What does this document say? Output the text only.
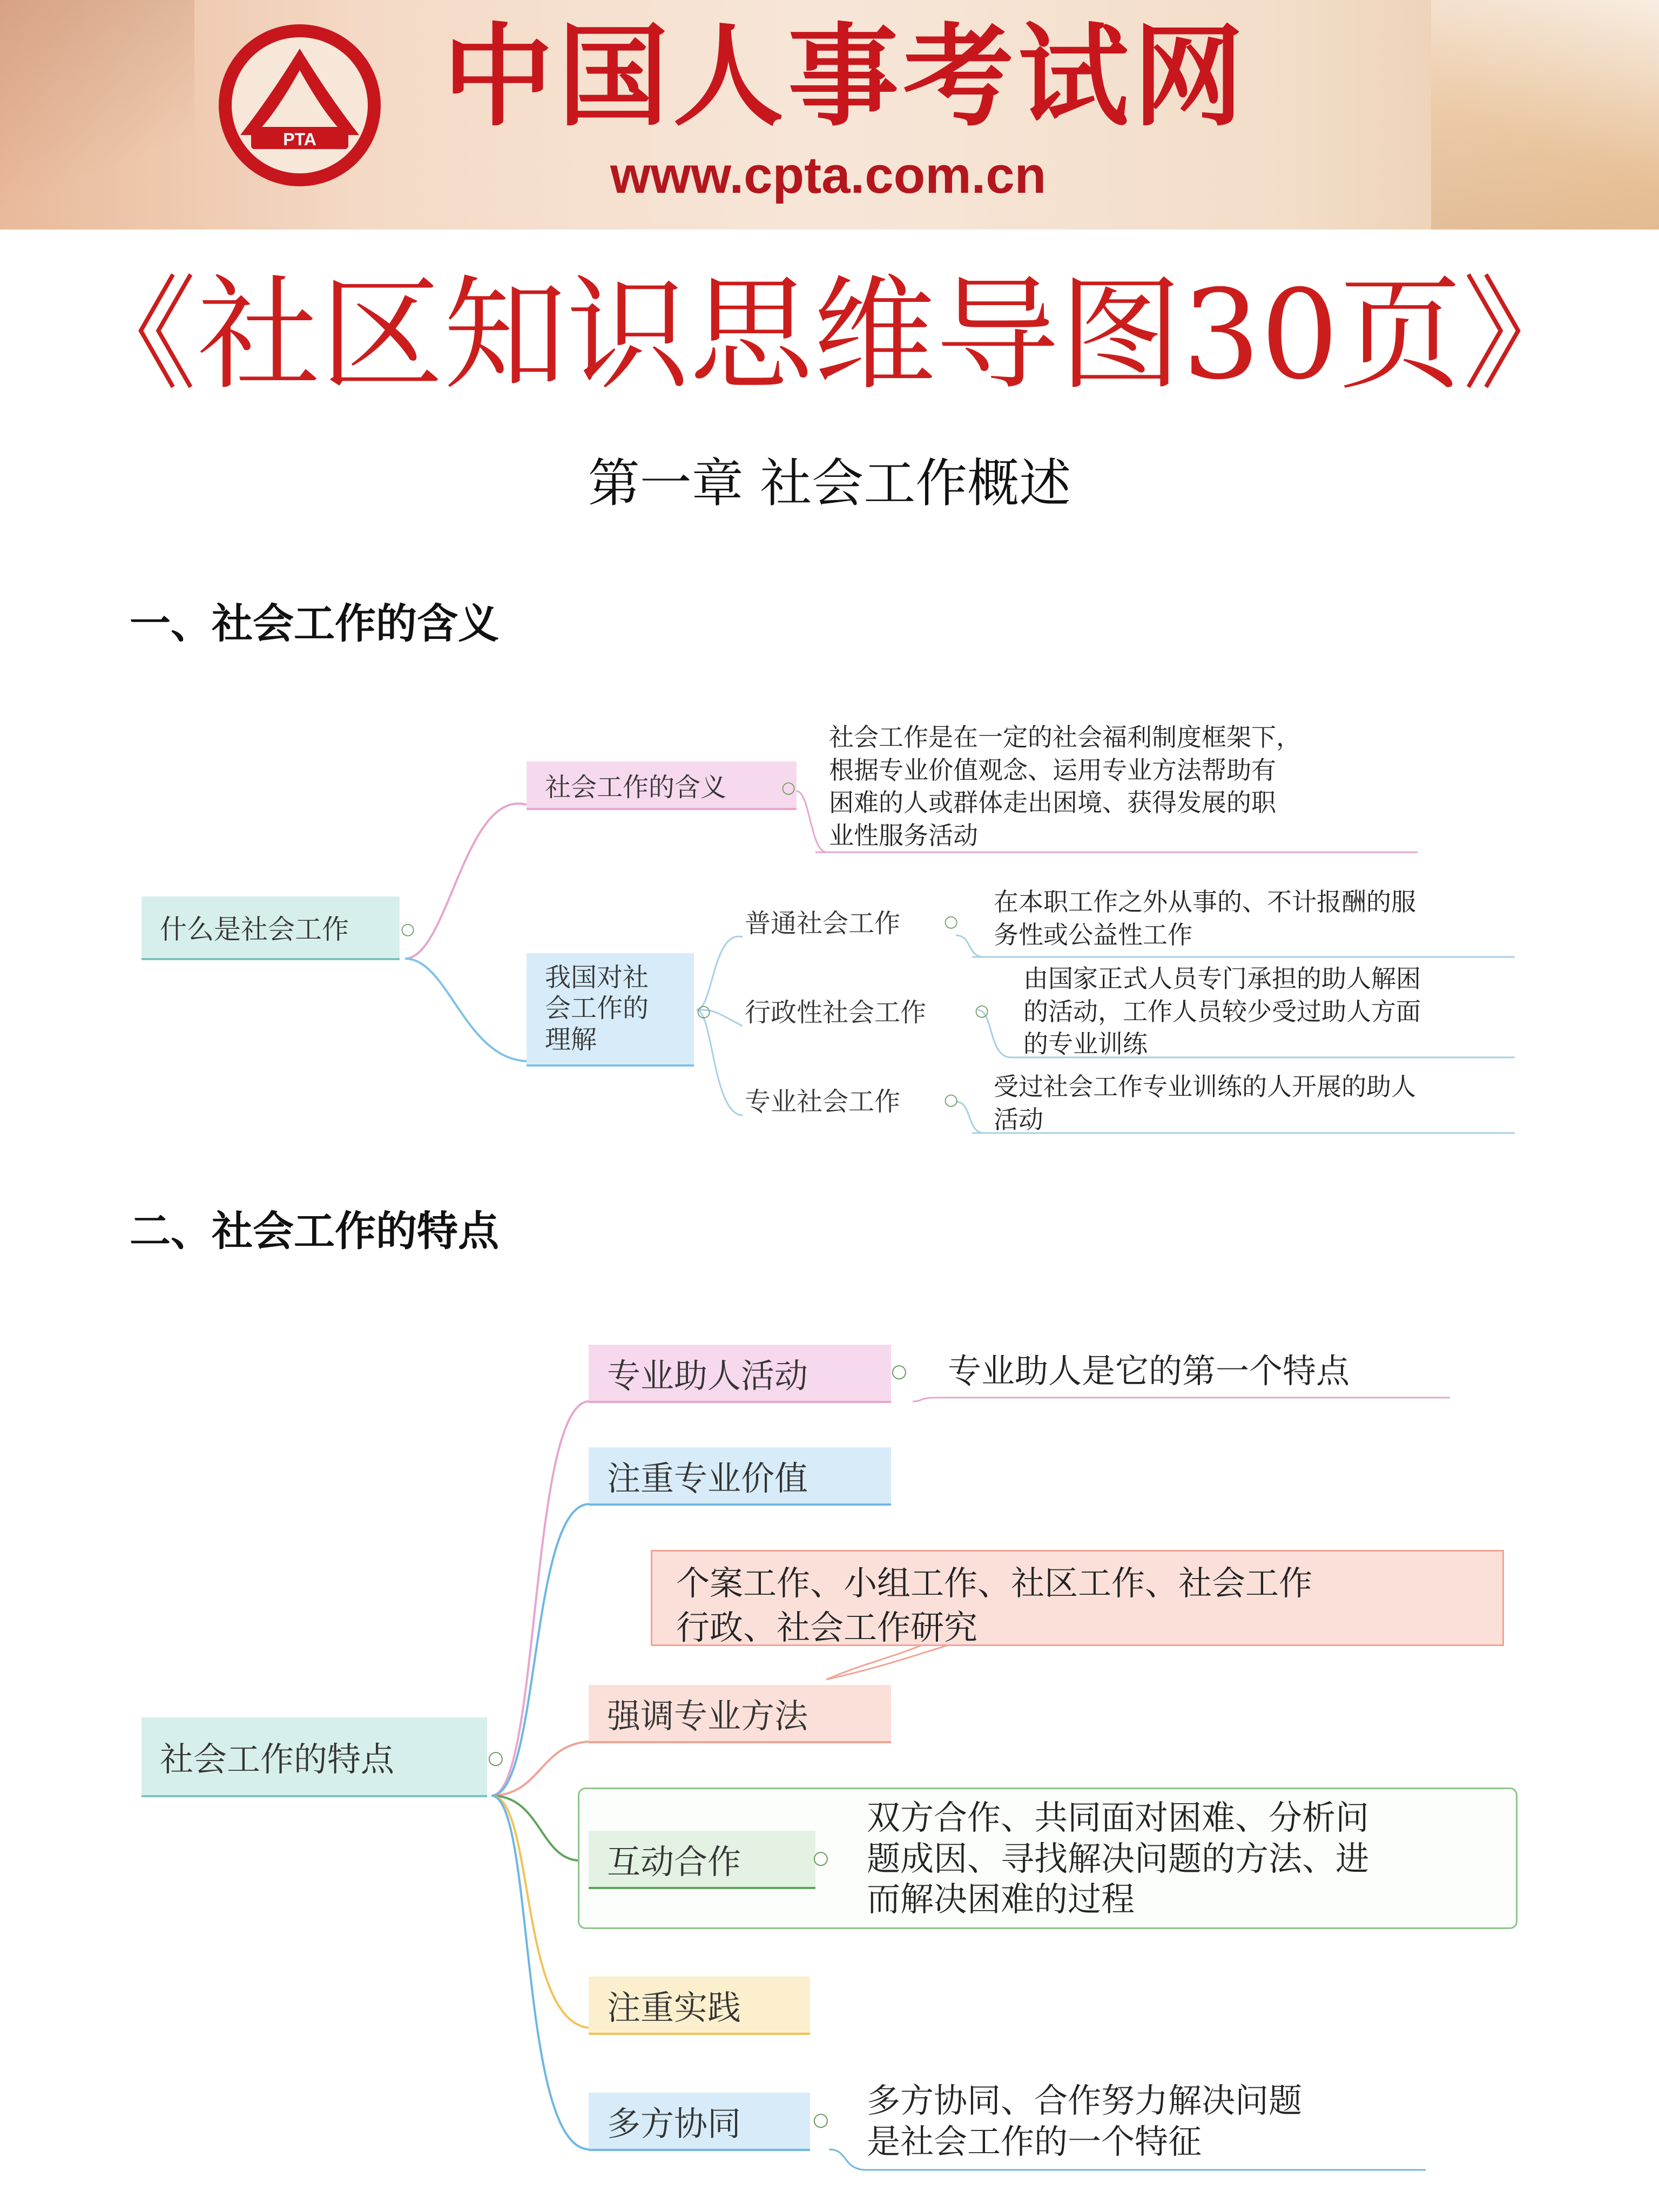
PTA 中国人事考试网
www.cpta.com.cn
《社区知识思维导图30页》
第一章 社会工作概述
一、社会工作的含义
什么是社会工作	○
社会工作的含义	○
社会工作是在一定的社会福利制度框架下，
根据专业价值观念、运用专业方法帮助有
困难的人或群体走出困境、获得发展的职
业性服务活动
我国对社
会工作的
理解
○
普通社会工作	○
在本职工作之外从事的、不计报酬的服
务性或公益性工作
行政性社会工作	○
由国家正式人员专门承担的助人解困
的活动，工作人员较少受过助人方面
的专业训练
专业社会工作	○ 受过社会工作专业训练的人开展的助人
活动
二、社会工作的特点
社会工作的特点	○
专业助人活动	○ 专业助人是它的第一个特点
注重专业价值
个案工作、小组工作、社区工作、社会工作
行政、社会工作研究
强调专业方法
互动合作	○
双方合作、共同面对困难、分析问
题成因、寻找解决问题的方法、进
而解决困难的过程
注重实践
多方协同	○ 多方协同、合作努力解决问题
是社会工作的一个特征
